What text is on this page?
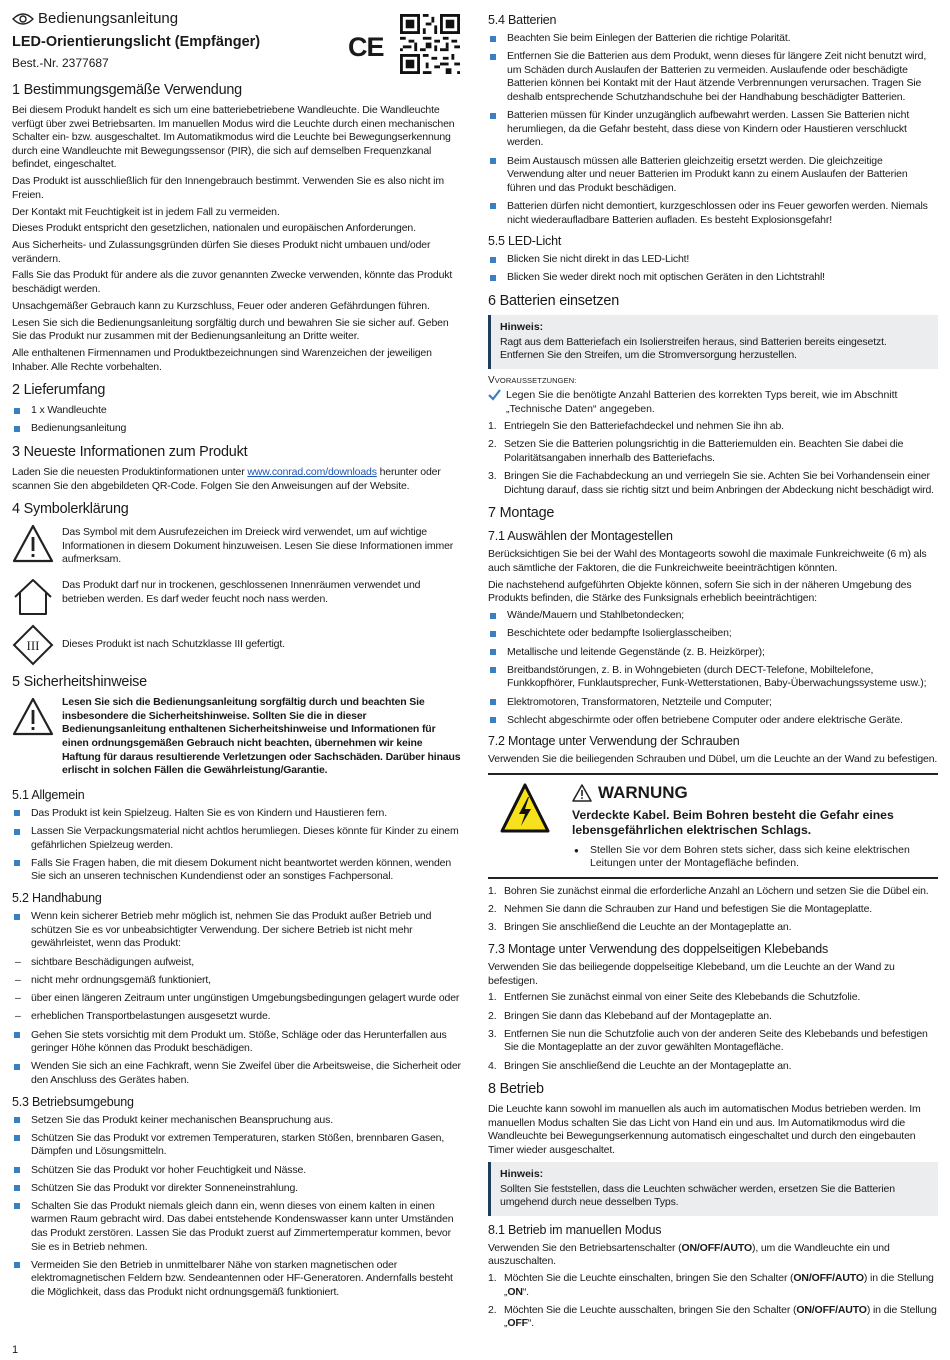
Bedienungsanleitung
LED-Orientierungslicht (Empfänger)
Best.-Nr. 2377687
CE
1 Bestimmungsgemäße Verwendung

Bei diesem Produkt handelt es sich um eine batteriebetriebene Wandleuchte. Die Wandleuchte verfügt über zwei Betriebsarten. Im manuellen Modus wird die Leuchte durch einen mechanischen Schalter ein- bzw. ausgeschaltet. Im Automatikmodus wird die Leuchte bei Bewegungserkennung durch eine Wandleuchte mit Bewegungssensor (PIR), die sich auf demselben Frequenzkanal befindet, eingeschaltet.

Das Produkt ist ausschließlich für den Innengebrauch bestimmt. Verwenden Sie es also nicht im Freien.

Der Kontakt mit Feuchtigkeit ist in jedem Fall zu vermeiden.

Dieses Produkt entspricht den gesetzlichen, nationalen und europäischen Anforderungen.

Aus Sicherheits- und Zulassungsgründen dürfen Sie dieses Produkt nicht umbauen und/oder verändern.

Falls Sie das Produkt für andere als die zuvor genannten Zwecke verwenden, könnte das Produkt beschädigt werden.

Unsachgemäßer Gebrauch kann zu Kurzschluss, Feuer oder anderen Gefährdungen führen.

Lesen Sie sich die Bedienungsanleitung sorgfältig durch und bewahren Sie sie sicher auf. Geben Sie das Produkt nur zusammen mit der Bedienungsanleitung an Dritte weiter.

Alle enthaltenen Firmennamen und Produktbezeichnungen sind Warenzeichen der jeweiligen Inhaber. Alle Rechte vorbehalten.

2 Lieferumfang
1 x Wandleuchte
Bedienungsanleitung
3 Neueste Informationen zum Produkt

Laden Sie die neuesten Produktinformationen unter www.conrad.com/downloads herunter oder scannen Sie den abgebildeten QR-Code. Folgen Sie den Anweisungen auf der Website.

4 Symbolerklärung

Das Symbol mit dem Ausrufezeichen im Dreieck wird verwendet, um auf wichtige Informationen in diesem Dokument hinzuweisen. Lesen Sie diese Informationen immer aufmerksam.

Das Produkt darf nur in trockenen, geschlossenen Innenräumen verwendet und betrieben werden. Es darf weder feucht noch nass werden.

III Dieses Produkt ist nach Schutzklasse III gefertigt.

5 Sicherheitshinweise

Lesen Sie sich die Bedienungsanleitung sorgfältig durch und beachten Sie insbesondere die Sicherheitshinweise. Sollten Sie die in dieser Bedienungsanleitung enthaltenen Sicherheitshinweise und Informationen für einen ordnungsgemäßen Gebrauch nicht beachten, übernehmen wir keine Haftung für daraus resultierende Verletzungen oder Sachschäden. Darüber hinaus erlischt in solchen Fällen die Gewährleistung/Garantie.

5.1 Allgemein
Das Produkt ist kein Spielzeug. Halten Sie es von Kindern und Haustieren fern.
Lassen Sie Verpackungsmaterial nicht achtlos herumliegen. Dieses könnte für Kinder zu einem gefährlichen Spielzeug werden.
Falls Sie Fragen haben, die mit diesem Dokument nicht beantwortet werden können, wenden Sie sich an unseren technischen Kundendienst oder an sonstiges Fachpersonal.
5.2 Handhabung
Wenn kein sicherer Betrieb mehr möglich ist, nehmen Sie das Produkt außer Betrieb und schützen Sie es vor unbeabsichtigter Verwendung. Der sichere Betrieb ist nicht mehr gewährleistet, wenn das Produkt:
– sichtbare Beschädigungen aufweist,
– nicht mehr ordnungsgemäß funktioniert,
– über einen längeren Zeitraum unter ungünstigen Umgebungsbedingungen gelagert wurde oder
– erheblichen Transportbelastungen ausgesetzt wurde.
Gehen Sie stets vorsichtig mit dem Produkt um. Stöße, Schläge oder das Herunterfallen aus geringer Höhe können das Produkt beschädigen.
Wenden Sie sich an eine Fachkraft, wenn Sie Zweifel über die Arbeitsweise, die Sicherheit oder den Anschluss des Gerätes haben.
5.3 Betriebsumgebung
Setzen Sie das Produkt keiner mechanischen Beanspruchung aus.
Schützen Sie das Produkt vor extremen Temperaturen, starken Stößen, brennbaren Gasen, Dämpfen und Lösungsmitteln.
Schützen Sie das Produkt vor hoher Feuchtigkeit und Nässe.
Schützen Sie das Produkt vor direkter Sonneneinstrahlung.
Schalten Sie das Produkt niemals gleich dann ein, wenn dieses von einem kalten in einen warmen Raum gebracht wird. Das dabei entstehende Kondenswasser kann unter Umständen das Produkt zerstören. Lassen Sie das Produkt zuerst auf Zimmertemperatur kommen, bevor Sie es in Betrieb nehmen.
Vermeiden Sie den Betrieb in unmittelbarer Nähe von starken magnetischen oder elektromagnetischen Feldern bzw. Sendeantennen oder HF-Generatoren. Andernfalls besteht die Möglichkeit, dass das Produkt nicht ordnungsgemäß funktioniert.
5.4 Batterien
Beachten Sie beim Einlegen der Batterien die richtige Polarität.
Entfernen Sie die Batterien aus dem Produkt, wenn dieses für längere Zeit nicht benutzt wird, um Schäden durch Auslaufen der Batterien zu vermeiden. Auslaufende oder beschädigte Batterien können bei Kontakt mit der Haut ätzende Verbrennungen verursachen. Tragen Sie deshalb entsprechende Schutzhandschuhe bei der Handhabung beschädigter Batterien.
Batterien müssen für Kinder unzugänglich aufbewahrt werden. Lassen Sie Batterien nicht herumliegen, da die Gefahr besteht, dass diese von Kindern oder Haustieren verschluckt werden.
Beim Austausch müssen alle Batterien gleichzeitig ersetzt werden. Die gleichzeitige Verwendung alter und neuer Batterien im Produkt kann zu einem Auslaufen der Batterien führen und das Produkt beschädigen.
Batterien dürfen nicht demontiert, kurzgeschlossen oder ins Feuer geworfen werden. Niemals nicht wiederaufladbare Batterien aufladen. Es besteht Explosionsgefahr!
5.5 LED-Licht
Blicken Sie nicht direkt in das LED-Licht!
Blicken Sie weder direkt noch mit optischen Geräten in den Lichtstrahl!
6 Batterien einsetzen
Hinweis:

Ragt aus dem Batteriefach ein Isolierstreifen heraus, sind Batterien bereits eingesetzt. Entfernen Sie den Streifen, um die Stromversorgung herzustellen.

VVORAUSSETZUNGEN:
Legen Sie die benötigte Anzahl Batterien des korrekten Typs bereit, wie im Abschnitt „Technische Daten“ angegeben.
1. Entriegeln Sie den Batteriefachdeckel und nehmen Sie ihn ab.
2. Setzen Sie die Batterien polungsrichtig in die Batteriemulden ein. Beachten Sie dabei die Polaritätsangaben innerhalb des Batteriefachs.
3. Bringen Sie die Fachabdeckung an und verriegeln Sie sie. Achten Sie bei Vorhandensein einer Dichtung darauf, dass sie richtig sitzt und beim Anbringen der Abdeckung nicht beschädigt wird.
7 Montage
7.1 Auswählen der Montagestellen

Berücksichtigen Sie bei der Wahl des Montageorts sowohl die maximale Funkreichweite (6 m) als auch sämtliche der Faktoren, die die Funkreichweite beeinträchtigen könnten.

Die nachstehend aufgeführten Objekte können, sofern Sie sich in der näheren Umgebung des Produkts befinden, die Stärke des Funksignals erheblich beeinträchtigen:

Wände/Mauern und Stahlbetondecken;
Beschichtete oder bedampfte Isolierglasscheiben;
Metallische und leitende Gegenstände (z. B. Heizkörper);
Breitbandstörungen, z. B. in Wohngebieten (durch DECT-Telefone, Mobiltelefone, Funkkopfhörer, Funklautsprecher, Funk-Wetterstationen, Baby-Überwachungssysteme usw.);
Elektromotoren, Transformatoren, Netzteile und Computer;
Schlecht abgeschirmte oder offen betriebene Computer oder andere elektrische Geräte.
7.2 Montage unter Verwendung der Schrauben

Verwenden Sie die beiliegenden Schrauben und Dübel, um die Leuchte an der Wand zu befestigen.

WARNUNG
Verdeckte Kabel. Beim Bohren besteht die Gefahr eines lebensgefährlichen elektrischen Schlags.
● Stellen Sie vor dem Bohren stets sicher, dass sich keine elektrischen Leitungen unter der Montagefläche befinden.
1. Bohren Sie zunächst einmal die erforderliche Anzahl an Löchern und setzen Sie die Dübel ein.
2. Nehmen Sie dann die Schrauben zur Hand und befestigen Sie die Montageplatte.
3. Bringen Sie anschließend die Leuchte an der Montageplatte an.
7.3 Montage unter Verwendung des doppelseitigen Klebebands

Verwenden Sie das beiliegende doppelseitige Klebeband, um die Leuchte an der Wand zu befestigen.

1. Entfernen Sie zunächst einmal von einer Seite des Klebebands die Schutzfolie.
2. Bringen Sie dann das Klebeband auf der Montageplatte an.
3. Entfernen Sie nun die Schutzfolie auch von der anderen Seite des Klebebands und befestigen Sie die Montageplatte an der zuvor gewählten Montagefläche.
4. Bringen Sie anschließend die Leuchte an der Montageplatte an.
8 Betrieb

Die Leuchte kann sowohl im manuellen als auch im automatischen Modus betrieben werden. Im manuellen Modus schalten Sie das Licht von Hand ein und aus. Im Automatikmodus wird die Wandleuchte bei Bewegungserkennung automatisch eingeschaltet und durch den eingebauten Timer wieder ausgeschaltet.

Hinweis:

Sollten Sie feststellen, dass die Leuchten schwächer werden, ersetzen Sie die Batterien umgehend durch neue desselben Typs.

8.1 Betrieb im manuellen Modus

Verwenden Sie den Betriebsartenschalter (ON/OFF/AUTO), um die Wandleuchte ein und auszuschalten.

1. Möchten Sie die Leuchte einschalten, bringen Sie den Schalter (ON/OFF/AUTO) in die Stellung „ON“.
2. Möchten Sie die Leuchte ausschalten, bringen Sie den Schalter (ON/OFF/AUTO) in die Stellung „OFF“.
1
